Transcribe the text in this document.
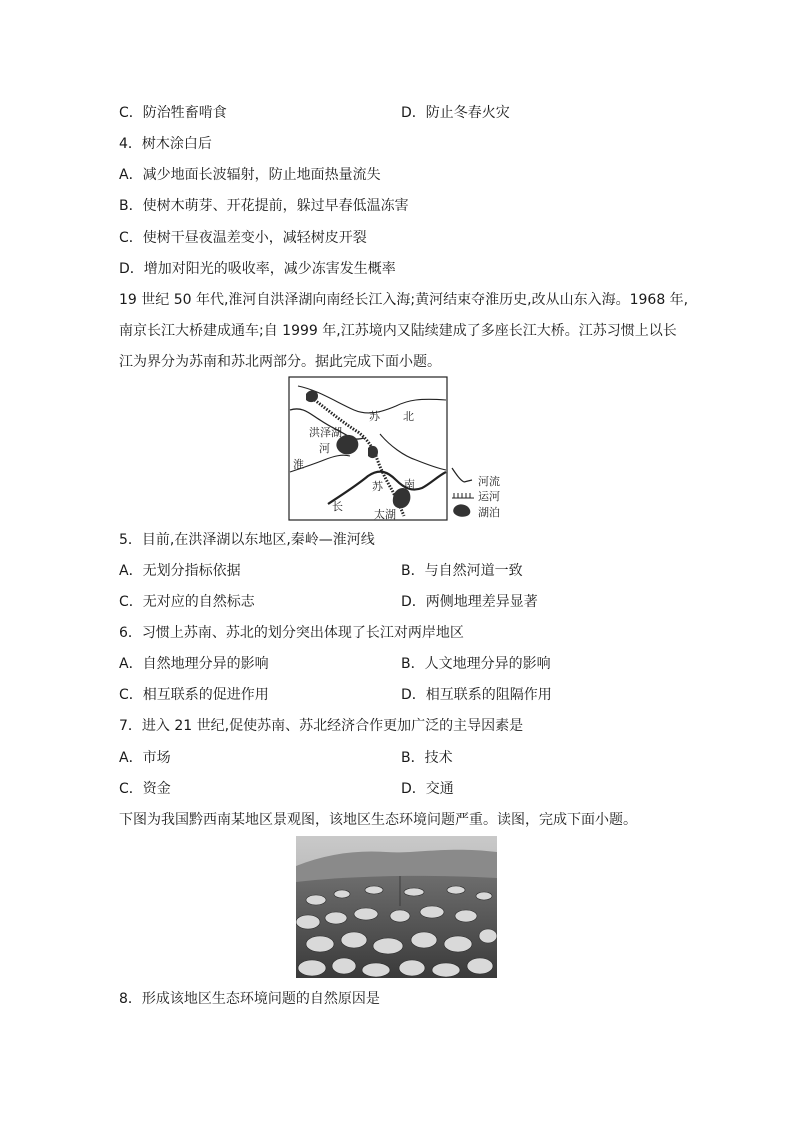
C．防治牲畜啃食	D．防止冬春火灾
4．树木涂白后
A．减少地面长波辐射，防止地面热量流失
B．使树木萌芽、开花提前，躲过早春低温冻害
C．使树干昼夜温差变小，减轻树皮开裂
D．增加对阳光的吸收率，减少冻害发生概率
19 世纪 50 年代,淮河自洪泽湖向南经长江入海;黄河结束夺淮历史,改从山东入海。1968 年,
南京长江大桥建成通车;自 1999 年,江苏境内又陆续建成了多座长江大桥。江苏习惯上以长
江为界分为苏南和苏北两部分。据此完成下面小题。
苏 北
洪泽湖
河
淮
苏 南
长
太湖
河流
运河
湖泊
5．目前,在洪泽湖以东地区,秦岭—淮河线
A．无划分指标依据	B．与自然河道一致
C．无对应的自然标志	D．两侧地理差异显著
6．习惯上苏南、苏北的划分突出体现了长江对两岸地区
A．自然地理分异的影响	B．人文地理分异的影响
C．相互联系的促进作用	D．相互联系的阻隔作用
7．进入 21 世纪,促使苏南、苏北经济合作更加广泛的主导因素是
A．市场	B．技术
C．资金	D．交通
下图为我国黔西南某地区景观图，该地区生态环境问题严重。读图，完成下面小题。
8．形成该地区生态环境问题的自然原因是
